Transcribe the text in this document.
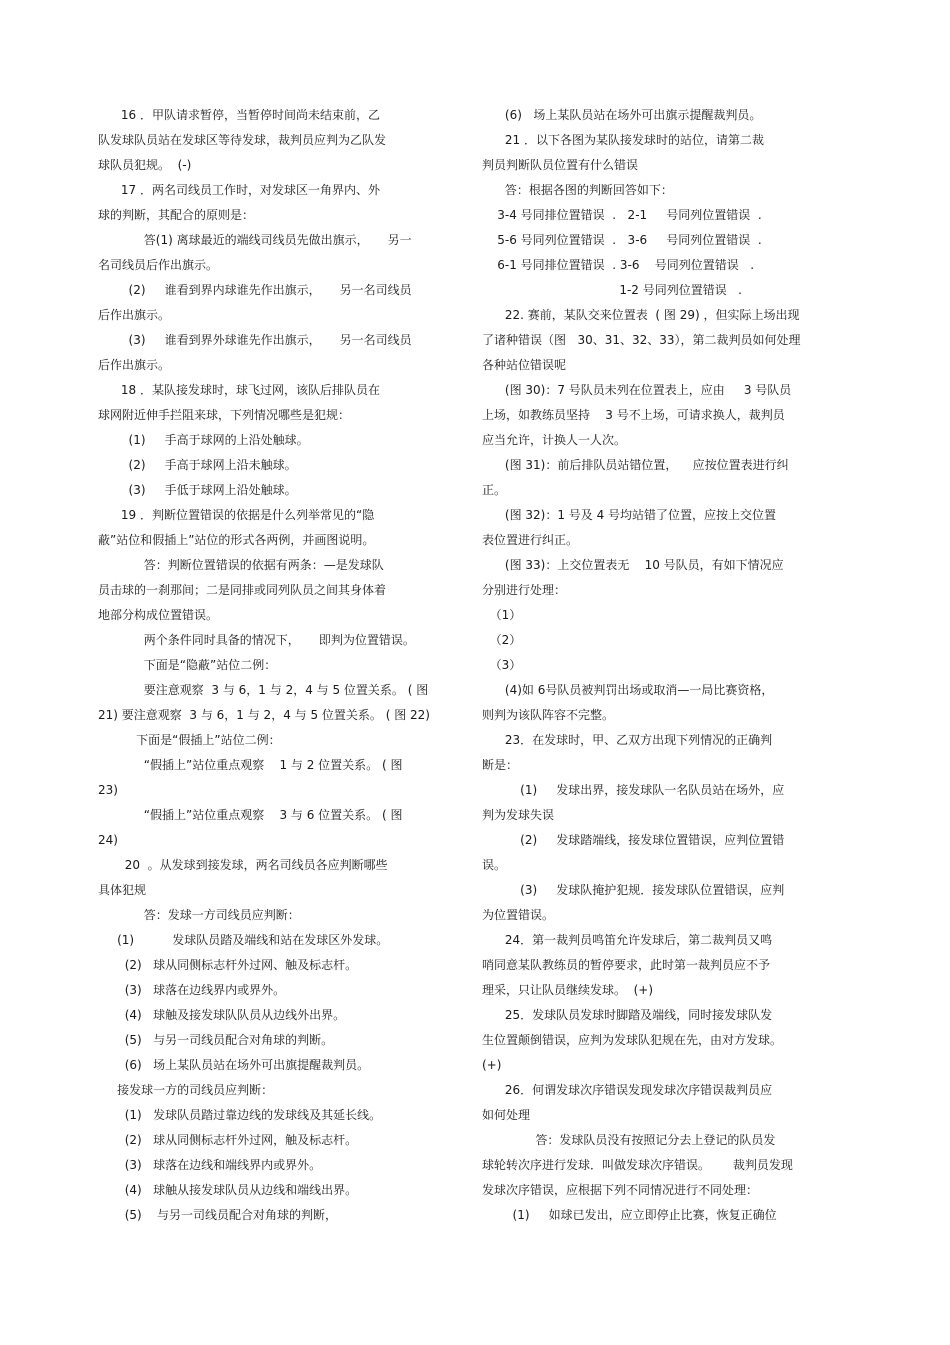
16 ．甲队请求暂停，当暂停时间尚未结束前，乙
队发球队员站在发球区等待发球，裁判员应判为乙队发
球队员犯规。  (-)
17 ．两名司线员工作时，对发球区一角界内、外
球的判断，其配合的原则是：
答(1) 离球最近的端线司线员先做出旗示，     另一
名司线员后作出旗示。
(2)     谁看到界内球谁先作出旗示，     另一名司线员
后作出旗示。
(3)     谁看到界外球谁先作出旗示，     另一名司线员
后作出旗示。
18 ．某队接发球时，球飞过网，该队后排队员在
球网附近伸手拦阻来球，下列情况哪些是犯规：
(1)     手高于球网的上沿处触球。
(2)     手高于球网上沿未触球。
(3)     手低于球网上沿处触球。
19 ．判断位置错误的依据是什么列举常见的“隐
蔽”站位和假插上”站位的形式各两例，并画图说明。
答：判断位置错误的依据有两条：—是发球队
员击球的一刹那间；二是同排或同列队员之间其身体着
地部分构成位置错误。
两个条件同时具备的情况下，     即判为位置错误。
下面是“隐蔽”站位二例：
要注意观察  3 与 6，1 与 2，4 与 5 位置关系。 ( 图
21) 要注意观察  3 与 6，1 与 2，4 与 5 位置关系。 ( 图 22)
下面是“假插上”站位二例：
“假插上”站位重点观察    1 与 2 位置关系。 ( 图
23)
“假插上”站位重点观察    3 与 6 位置关系。 ( 图
24)
20  。从发球到接发球，两名司线员各应判断哪些
具体犯规
答：发球一方司线员应判断：
(1)          发球队员踏及端线和站在发球区外发球。
(2)   球从同侧标志杆外过网、触及标志杆。
(3)   球落在边线界内或界外。
(4)   球触及接发球队队员从边线外出界。
(5)   与另一司线员配合对角球的判断。
(6)   场上某队员站在场外可出旗提醒裁判员。
接发球一方的司线员应判断：
(1)   发球队员踏过靠边线的发球线及其延长线。
(2)   球从同侧标志杆外过网，触及标志杆。
(3)   球落在边线和端线界内或界外。
(4)   球触从接发球队员从边线和端线出界。
(5)    与另一司线员配合对角球的判断，
(6)   场上某队员站在场外可出旗示提醒裁判员。
21 ．以下各图为某队接发球时的站位，请第二裁
判员判断队员位置有什么错误
答：根据各图的判断回答如下：
3-4 号同排位置错误  .   2-1     号同列位置错误  .
5-6 号同列位置错误  .   3-6     号同列位置错误  .
6-1 号同排位置错误  . 3-6    号同列位置错误   .
1-2 号同列位置错误   .
22. 赛前，某队交来位置表  ( 图 29) ，但实际上场出现
了诸种错误（图   30、31、32、33），第二裁判员如何处理
各种站位错误呢
(图 30)：7 号队员未列在位置表上，应由     3 号队员
上场，如教练员坚持    3 号不上场，可请求换人，裁判员
应当允许，计换人一人次。
(图 31)：前后排队员站错位置，    应按位置表进行纠
正。
(图 32)：1 号及 4 号均站错了位置，应按上交位置
表位置进行纠正。
(图 33)：上交位置表无    10 号队员，有如下情况应
分别进行处理：
（1）
（2）
（3）
(4)如 6号队员被判罚出场或取消—一局比赛资格，
则判为该队阵容不完整。
23．在发球时，甲、乙双方出现下列情况的正确判
断是：
(1)     发球出界，接发球队一名队员站在场外，应
判为发球失误
(2)     发球踏端线，接发球位置错误，应判位置错
误。
(3)     发球队掩护犯规．接发球队位置错误，应判
为位置错误。
24．第一裁判员鸣笛允许发球后，第二裁判员又鸣
哨同意某队教练员的暂停要求，此时第一裁判员应不予
理采，只让队员继续发球。  (+)
25．发球队员发球时脚踏及端线，同时接发球队发
生位置颠倒错误，应判为发球队犯规在先，由对方发球。
(+)
26．何谓发球次序错误发现发球次序错误裁判员应
如何处理
答：发球队员没有按照记分去上登记的队员发
球轮转次序进行发球．叫做发球次序错误。      裁判员发现
发球次序错误，应根据下列不同情况进行不同处理：
(1)     如球已发出，应立即停止比赛，恢复正确位
